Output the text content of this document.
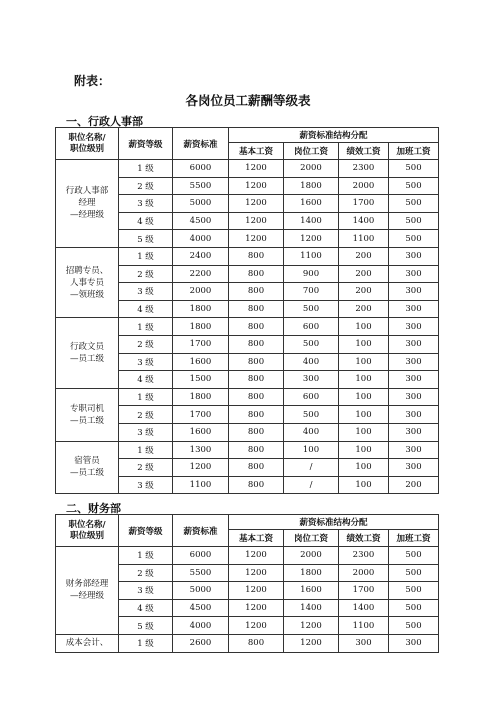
附表：
各岗位员工薪酬等级表
一、行政人事部
职位名称/
职位级别	薪资等级	薪资标准	薪资标准结构分配			
			基本工资	岗位工资	绩效工资	加班工资
行政人事部
经理
—经理级	1 级	6000	1200	2000	2300	500
	2 级	5500	1200	1800	2000	500
	3 级	5000	1200	1600	1700	500
	4 级	4500	1200	1400	1400	500
	5 级	4000	1200	1200	1100	500
招聘专员、
人事专员
—领班级	1 级	2400	800	1100	200	300
	2 级	2200	800	900	200	300
	3 级	2000	800	700	200	300
	4 级	1800	800	500	200	300
行政文员
—员工级	1 级	1800	800	600	100	300
	2 级	1700	800	500	100	300
	3 级	1600	800	400	100	300
	4 级	1500	800	300	100	300
专职司机
—员工级	1 级	1800	800	600	100	300
	2 级	1700	800	500	100	300
	3 级	1600	800	400	100	300
宿管员
—员工级	1 级	1300	800	100	100	300
	2 级	1200	800	/	100	300
	3 级	1100	800	/	100	200
二、财务部
职位名称/
职位级别	薪资等级	薪资标准	薪资标准结构分配			
			基本工资	岗位工资	绩效工资	加班工资
财务部经理
—经理级	1 级	6000	1200	2000	2300	500
	2 级	5500	1200	1800	2000	500
	3 级	5000	1200	1600	1700	500
	4 级	4500	1200	1400	1400	500
	5 级	4000	1200	1200	1100	500
成本会计、	1 级	2600	800	1200	300	300
